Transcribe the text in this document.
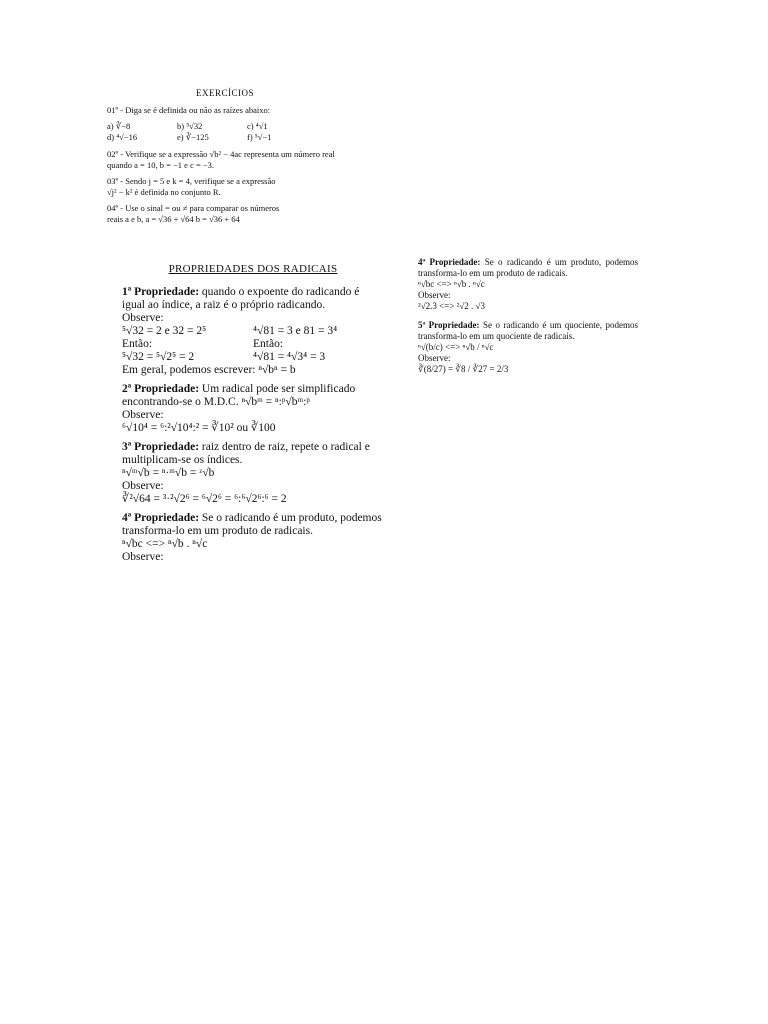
EXERCÍCIOS

01º - Diga se é definida ou não as raízes abaixo:

a) ∛−8	b) ⁵√32	c) ⁴√1
d) ⁴√−16	e) ∛−125	f) ⁵√−1

02º - Verifique se a expressão √b² − 4ac representa um número real quando a = 10, b = −1 e c = −3.

03º - Sendo j = 5 e k = 4, verifique se a expressão

√j² − k² é definida no conjunto R.

04º - Use o sinal = ou ≠ para comparar os números

reais a e b, a = √36 + √64 b = √36 + 64

PROPRIEDADES DOS RADICAIS

1ª Propriedade: quando o expoente do radicando é igual ao índice, a raiz é o próprio radicando.

Observe:

⁵√32 = 2 e 32 = 2⁵

Então:

⁵√32 = ⁵√2⁵ = 2

⁴√81 = 3 e 81 = 3⁴

Então:

⁴√81 = ⁴√3⁴ = 3

Em geral, podemos escrever: ⁿ√bⁿ = b

2ª Propriedade: Um radical pode ser simplificado encontrando-se o M.D.C. ⁿ√bᵐ = ⁿ:ᵖ√bᵐ:ᵖ

Observe:

⁶√10⁴ = ⁶:²√10⁴:² = ∛10² ou ∛100

3ª Propriedade: raiz dentro de raiz, repete o radical e multiplicam-se os índices.

ⁿ√ᵐ√b = ⁿ·ᵐ√b = ᶻ√b

Observe:

∛²√64 = ³·²√2⁶ = ⁶√2⁶ = ⁶:⁶√2⁶:⁶ = 2

4ª Propriedade: Se o radicando é um produto, podemos transforma-lo em um produto de radicais.

ⁿ√bc <=> ⁿ√b . ⁿ√c

Observe:

4ª Propriedade: Se o radicando é um produto, podemos transforma-lo em um produto de radicais.

ⁿ√bc <=> ⁿ√b . ⁿ√c

Observe:

²√2.3 <=> ²√2 . √3

5ª Propriedade: Se o radicando é um quociente, podemos transforma-lo em um quociente de radicais.

ⁿ√(b/c) <=> ⁿ√b / ⁿ√c

Observe:

∛(8/27) = ∛8 / ∛27 = 2/3
